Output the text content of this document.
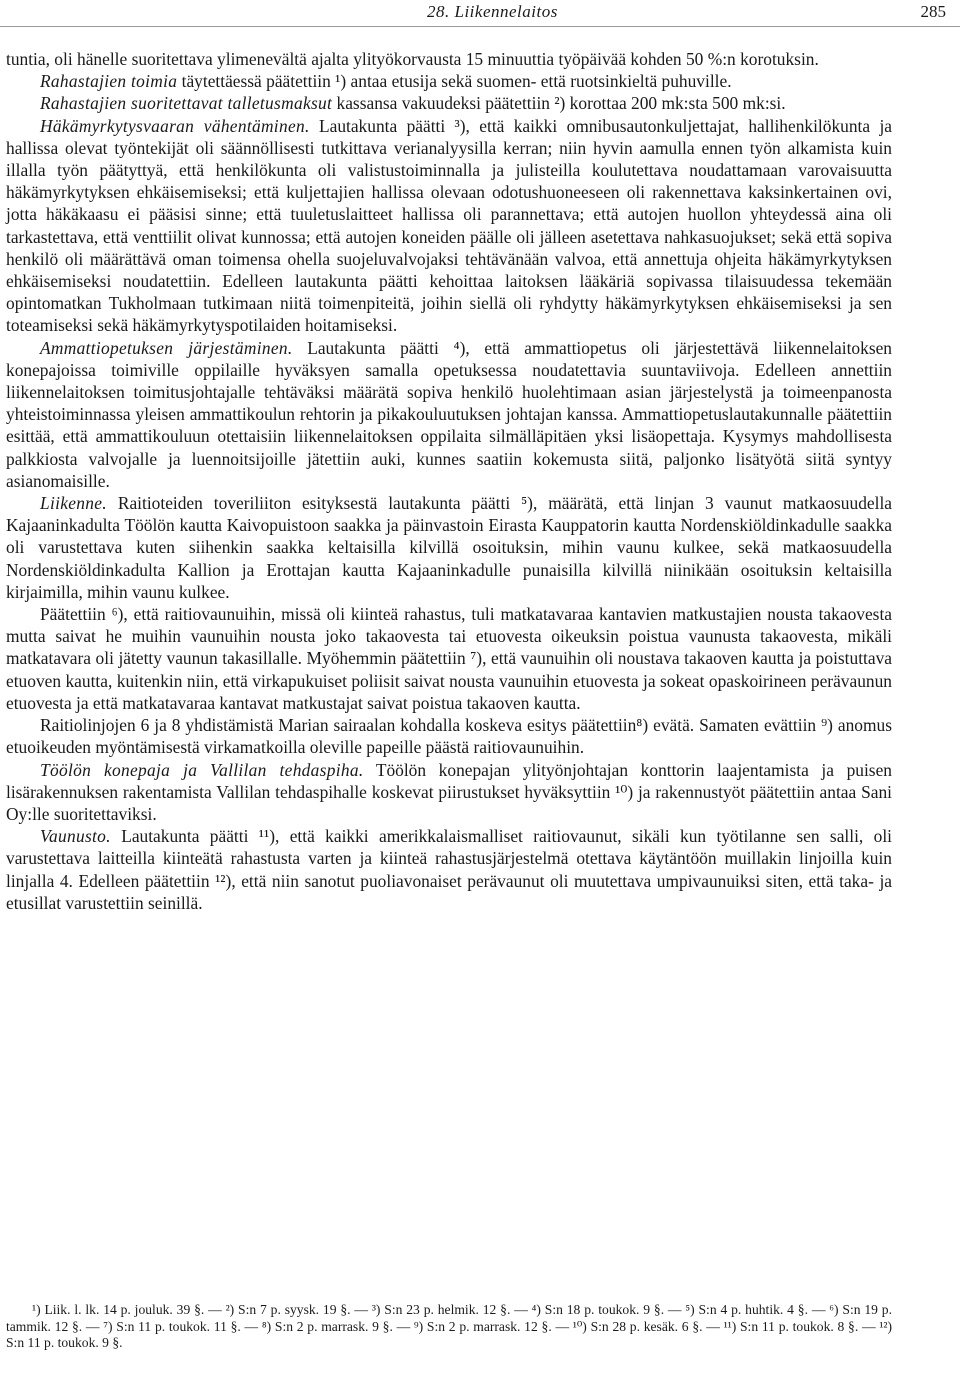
28. Liikennelaitos	285

tuntia, oli hänelle suoritettava ylimenevältä ajalta ylityökorvausta 15 minuuttia työpäivää kohden 50 %:n korotuksin.

Rahastajien toimia täytettäessä päätettiin ¹) antaa etusija sekä suomen- että ruotsinkieltä puhuville.

Rahastajien suoritettavat talletusmaksut kassansa vakuudeksi päätettiin ²) korottaa 200 mk:sta 500 mk:si.

Häkämyrkytysvaaran vähentäminen. Lautakunta päätti ³), että kaikki omnibusautonkuljettajat, hallihenkilökunta ja hallissa olevat työntekijät oli säännöllisesti tutkittava verianalyysilla kerran; niin hyvin aamulla ennen työn alkamista kuin illalla työn päätyttyä, että henkilökunta oli valistustoiminnalla ja julisteilla koulutettava noudattamaan varovaisuutta häkämyrkytyksen ehkäisemiseksi; että kuljettajien hallissa olevaan odotushuoneeseen oli rakennettava kaksinkertainen ovi, jotta häkäkaasu ei pääsisi sinne; että tuuletuslaitteet hallissa oli parannettava; että autojen huollon yhteydessä aina oli tarkastettava, että venttiilit olivat kunnossa; että autojen koneiden päälle oli jälleen asetettava nahkasuojukset; sekä että sopiva henkilö oli määrättävä oman toimensa ohella suojeluvalvojaksi tehtävänään valvoa, että annettuja ohjeita häkämyrkytyksen ehkäisemiseksi noudatettiin. Edelleen lautakunta päätti kehoittaa laitoksen lääkäriä sopivassa tilaisuudessa tekemään opintomatkan Tukholmaan tutkimaan niitä toimenpiteitä, joihin siellä oli ryhdytty häkämyrkytyksen ehkäisemiseksi ja sen toteamiseksi sekä häkämyrkytyspotilaiden hoitamiseksi.

Ammattiopetuksen järjestäminen. Lautakunta päätti ⁴), että ammattiopetus oli järjestettävä liikennelaitoksen konepajoissa toimiville oppilaille hyväksyen samalla opetuksessa noudatettavia suuntaviivoja. Edelleen annettiin liikennelaitoksen toimitusjohtajalle tehtäväksi määrätä sopiva henkilö huolehtimaan asian järjestelystä ja toimeenpanosta yhteistoiminnassa yleisen ammattikoulun rehtorin ja pikakouluutuksen johtajan kanssa. Ammattiopetuslautakunnalle päätettiin esittää, että ammattikouluun otettaisiin liikennelaitoksen oppilaita silmälläpitäen yksi lisäopettaja. Kysymys mahdollisesta palkkiosta valvojalle ja luennoitsijoille jätettiin auki, kunnes saatiin kokemusta siitä, paljonko lisätyötä siitä syntyy asianomaisille.

Liikenne. Raitioteiden toveriliiton esityksestä lautakunta päätti ⁵), määrätä, että linjan 3 vaunut matkaosuudella Kajaaninkadulta Töölön kautta Kaivopuistoon saakka ja päinvastoin Eirasta Kauppatorin kautta Nordenskiöldinkadulle saakka oli varustettava kuten siihenkin saakka keltaisilla kilvillä osoituksin, mihin vaunu kulkee, sekä matkaosuudella Nordenskiöldinkadulta Kallion ja Erottajan kautta Kajaaninkadulle punaisilla kilvillä niinikään osoituksin keltaisilla kirjaimilla, mihin vaunu kulkee.

Päätettiin ⁶), että raitiovaunuihin, missä oli kiinteä rahastus, tuli matkatavaraa kantavien matkustajien nousta takaovesta mutta saivat he muihin vaunuihin noustа joko takaovesta tai etuovesta oikeuksin poistua vaunusta takaovesta, mikäli matkatavara oli jätetty vaunun takasillalle. Myöhemmin päätettiin ⁷), että vaunuihin oli noustava takaoven kautta ja poistuttava etuoven kautta, kuitenkin niin, että virkapukuiset poliisit saivat nousta vaunuihin etuovesta ja sokeat opaskoirineen perävaunun etuovesta ja että matkatavaraa kantavat matkustajat saivat poistua takaoven kautta.

Raitiolinjojen 6 ja 8 yhdistämistä Marian sairaalan kohdalla koskeva esitys päätettiin⁸) evätä. Samaten evättiin ⁹) anomus etuoikeuden myöntämisestä virkamatkoilla oleville papeille päästä raitiovaunuihin.

Töölön konepaja ja Vallilan tehdaspiha. Töölön konepajan ylityönjohtajan konttorin laajentamista ja puisen lisärakennuksen rakentamista Vallilan tehdaspihalle koskevat piirustukset hyväksyttiin ¹⁰) ja rakennustyöt päätettiin antaa Sani Oy:lle suoritettaviksi.

Vaunusto. Lautakunta päätti ¹¹), että kaikki amerikkalaismalliset raitiovaunut, sikäli kun työtilanne sen salli, oli varustettava laitteilla kiinteätä rahastusta varten ja kiinteä rahastusjärjestelmä otettava käytäntöön muillakin linjoilla kuin linjalla 4. Edelleen päätettiin ¹²), että niin sanotut puoliavonaiset perävaunut oli muutettava umpivaunuiksi siten, että taka- ja etusillat varustettiin seinillä.

¹) Liik. l. lk. 14 p. jouluk. 39 §. — ²) S:n 7 p. syysk. 19 §. — ³) S:n 23 p. helmik. 12 §. — ⁴) S:n 18 p. toukok. 9 §. — ⁵) S:n 4 p. huhtik. 4 §. — ⁶) S:n 19 p. tammik. 12 §. — ⁷) S:n 11 p. toukok. 11 §. — ⁸) S:n 2 p. marrask. 9 §. — ⁹) S:n 2 p. marrask. 12 §. — ¹⁰) S:n 28 p. kesäk. 6 §. — ¹¹) S:n 11 p. toukok. 8 §. — ¹²) S:n 11 p. toukok. 9 §.
